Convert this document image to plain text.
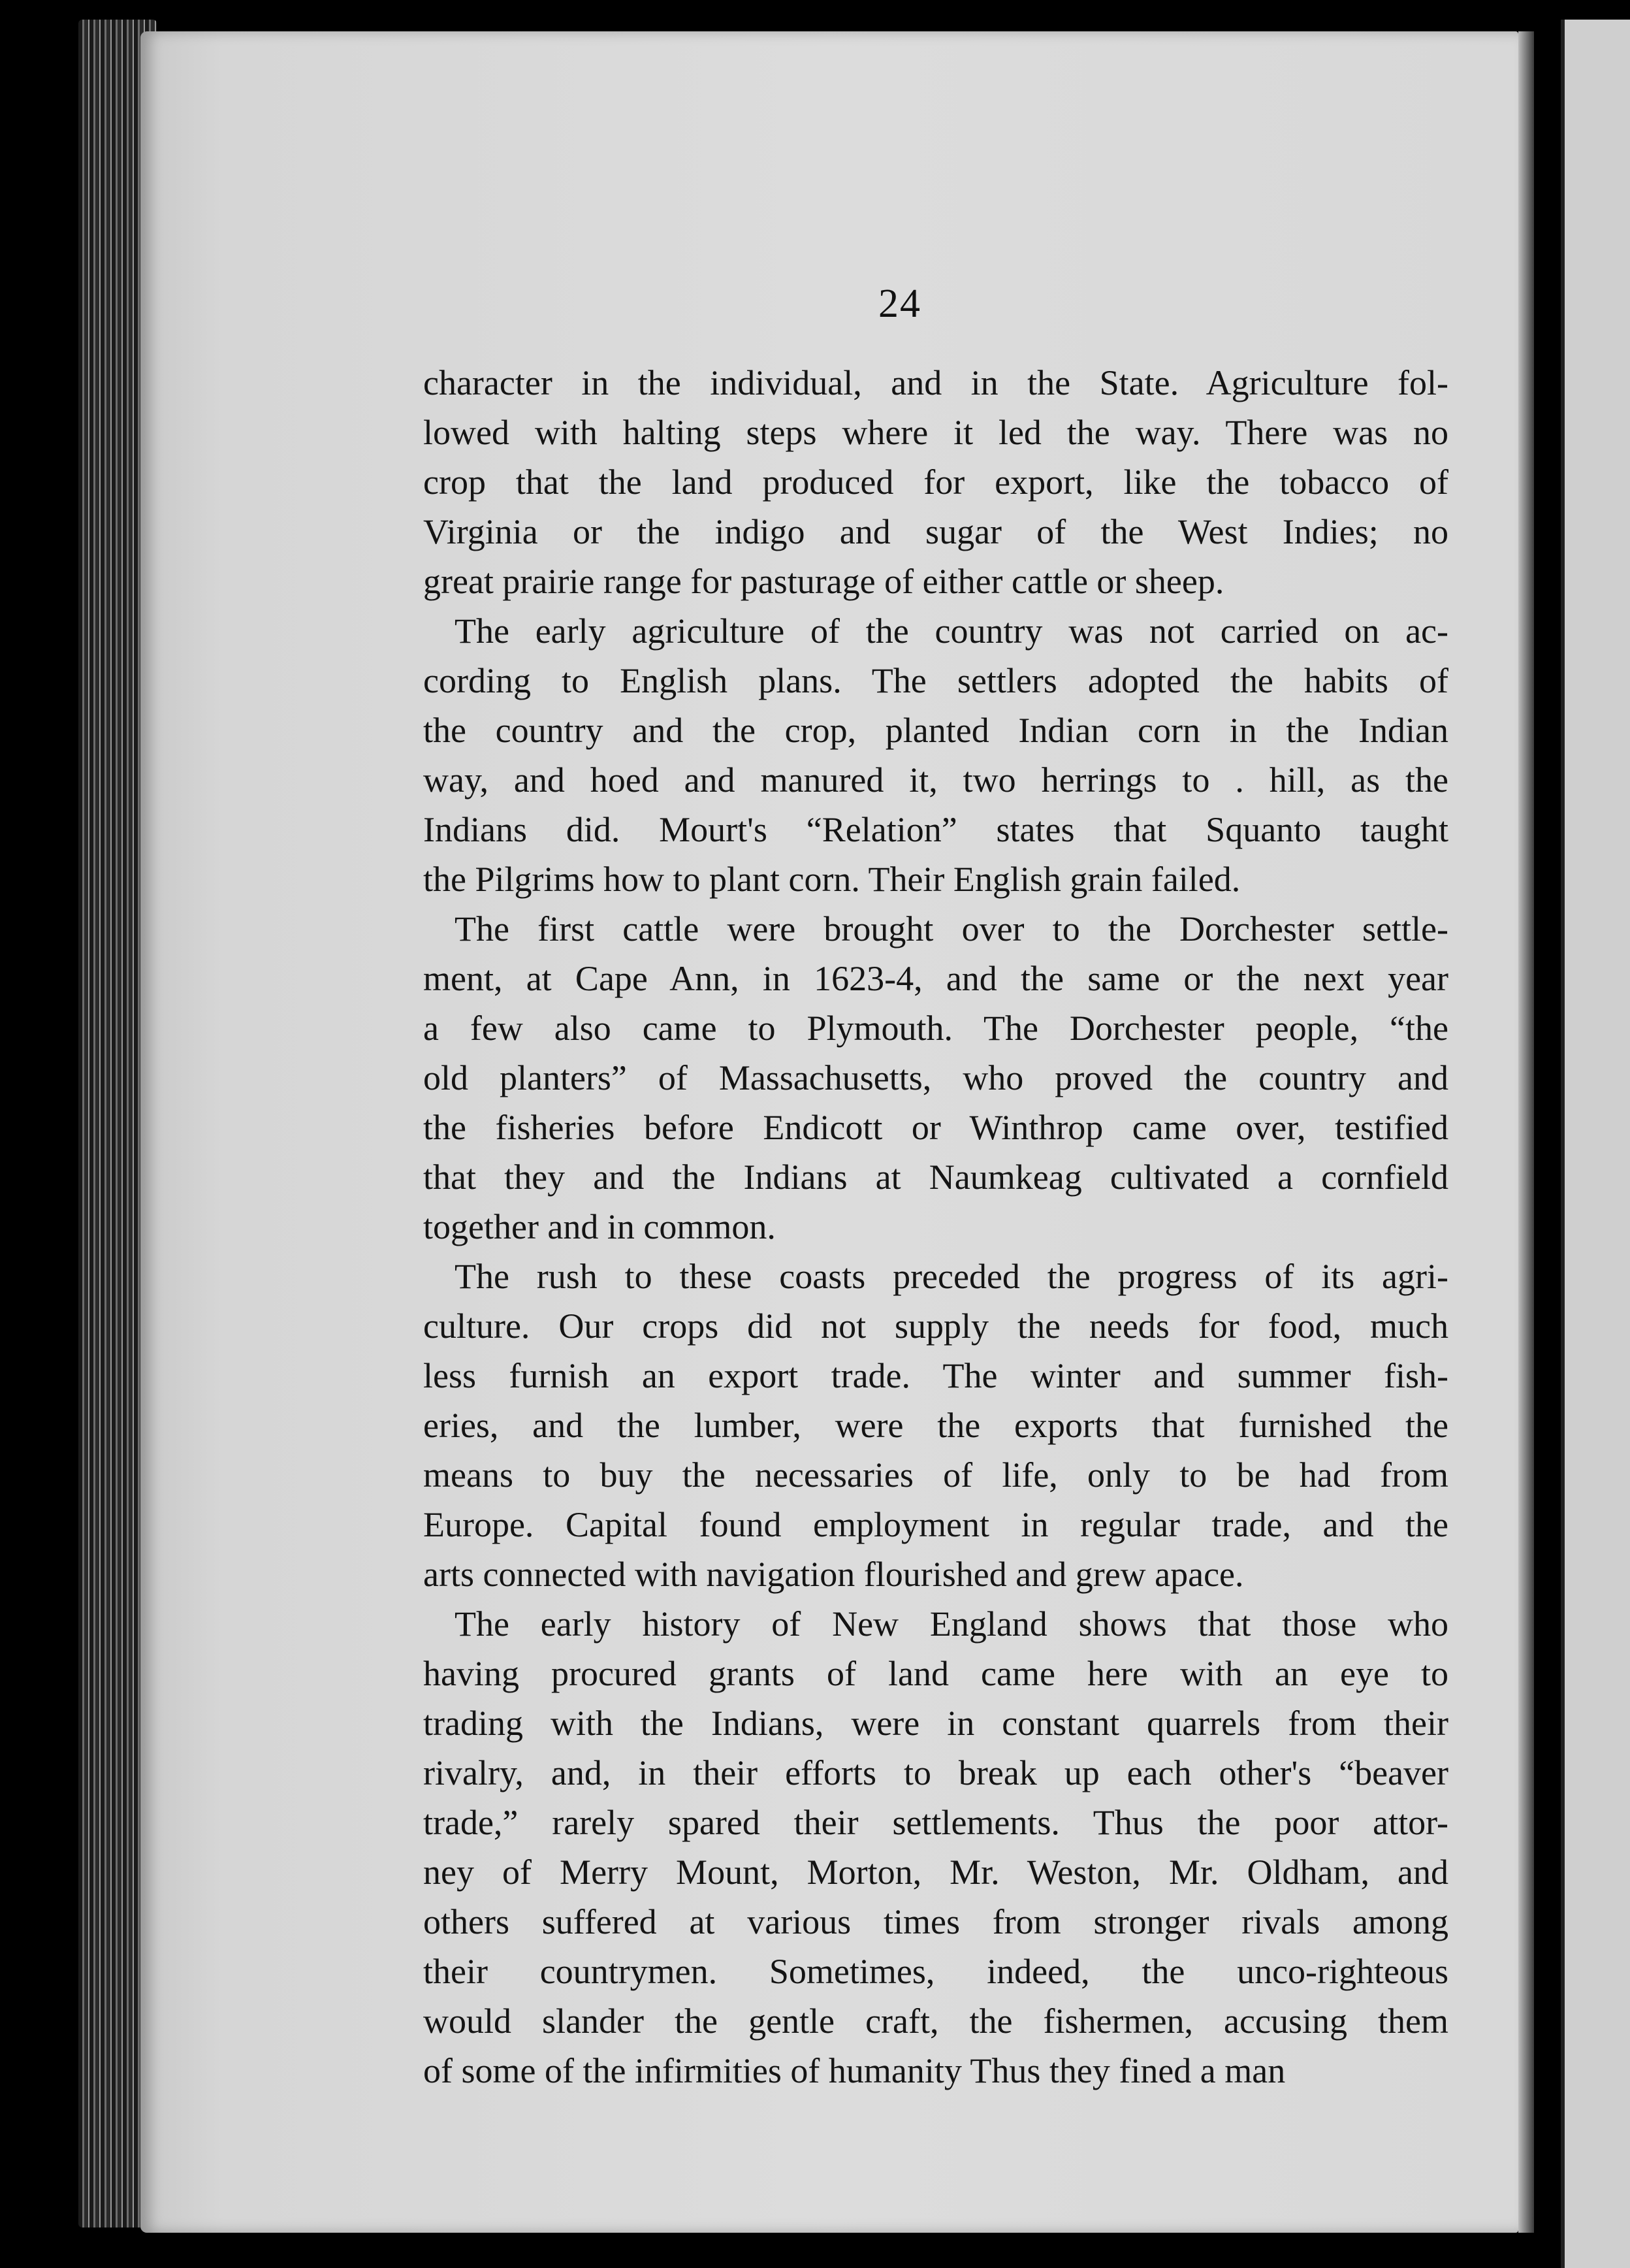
24
character in the individual, and in the State. Agriculture fol-
lowed with halting steps where it led the way. There was no
crop that the land produced for export, like the tobacco of
Virginia or the indigo and sugar of the West Indies; no
great prairie range for pasturage of either cattle or sheep.
The early agriculture of the country was not carried on ac-
cording to English plans. The settlers adopted the habits of
the country and the crop, planted Indian corn in the Indian
way, and hoed and manured it, two herrings to . hill, as the
Indians did. Mourt's “Relation” states that Squanto taught
the Pilgrims how to plant corn. Their English grain failed.
The first cattle were brought over to the Dorchester settle-
ment, at Cape Ann, in 1623-4, and the same or the next year
a few also came to Plymouth. The Dorchester people, “the
old planters” of Massachusetts, who proved the country and
the fisheries before Endicott or Winthrop came over, testified
that they and the Indians at Naumkeag cultivated a cornfield
together and in common.
The rush to these coasts preceded the progress of its agri-
culture. Our crops did not supply the needs for food, much
less furnish an export trade. The winter and summer fish-
eries, and the lumber, were the exports that furnished the
means to buy the necessaries of life, only to be had from
Europe. Capital found employment in regular trade, and the
arts connected with navigation flourished and grew apace.
The early history of New England shows that those who
having procured grants of land came here with an eye to
trading with the Indians, were in constant quarrels from their
rivalry, and, in their efforts to break up each other's “beaver
trade,” rarely spared their settlements. Thus the poor attor-
ney of Merry Mount, Morton, Mr. Weston, Mr. Oldham, and
others suffered at various times from stronger rivals among
their countrymen. Sometimes, indeed, the unco-righteous
would slander the gentle craft, the fishermen, accusing them
of some of the infirmities of humanity Thus they fined a man
